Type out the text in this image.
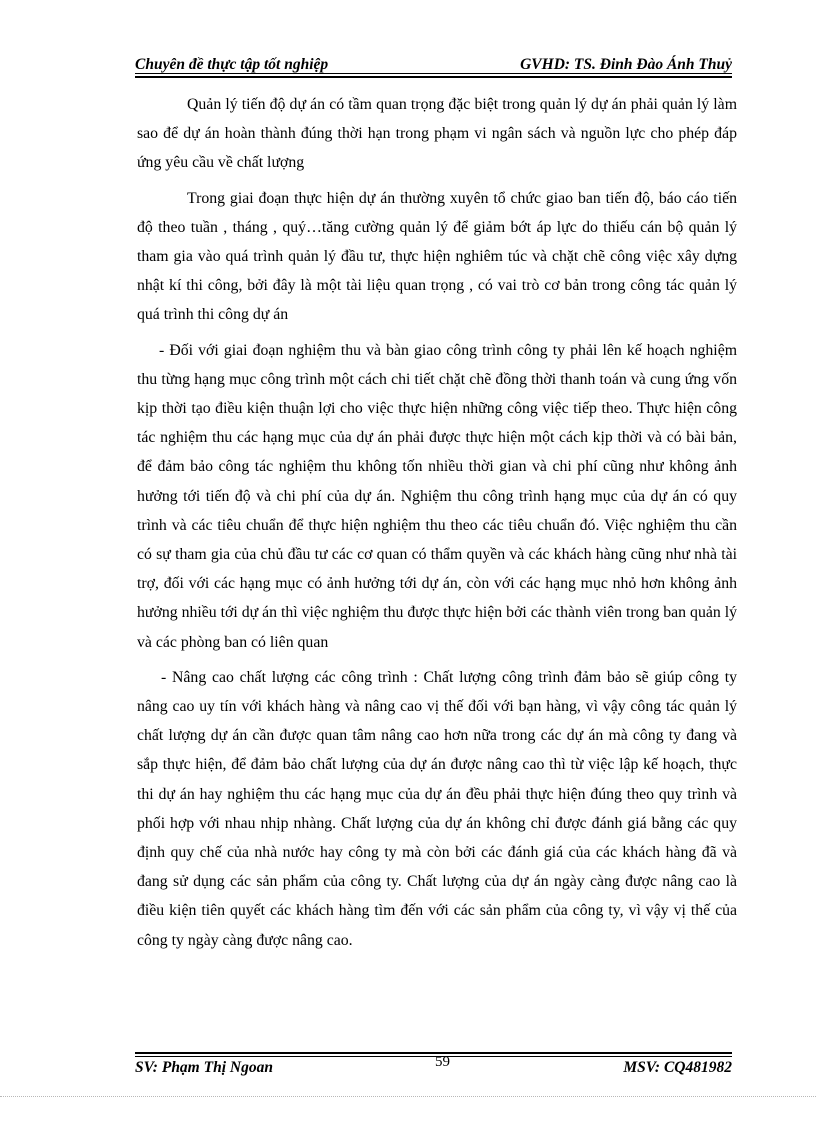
Chuyên đề thực tập tốt nghiệp	GVHD: TS. Đinh Đào Ánh Thuỷ

Quản lý tiến độ dự án có tầm quan trọng đặc biệt trong quản lý dự án phải quản lý làm sao để dự án hoàn thành đúng thời hạn trong phạm vi ngân sách và nguồn lực cho phép đáp ứng yêu cầu về chất lượng

Trong giai đoạn thực hiện dự án thường xuyên tổ chức giao ban tiến độ, báo cáo tiến độ theo tuần , tháng , quý…tăng cường quản lý để giảm bớt áp lực do thiếu cán bộ quản lý tham gia vào quá trình quản lý đầu tư, thực hiện nghiêm túc và chặt chẽ công việc xây dựng nhật kí thi công, bởi đây là một tài liệu quan trọng , có vai trò cơ bản trong công tác quản lý quá trình thi công dự án

- Đối với giai đoạn nghiệm thu và bàn giao công trình công ty phải lên kế hoạch nghiệm thu từng hạng mục công trình một cách chi tiết chặt chẽ đồng thời thanh toán và cung ứng vốn kịp thời tạo điều kiện thuận lợi cho việc thực hiện những công việc tiếp theo. Thực hiện công tác nghiệm thu các hạng mục của dự án phải được thực hiện một cách kịp thời và có bài bản, để đảm bảo công tác nghiệm thu không tốn nhiều thời gian và chi phí cũng như không ảnh hưởng tới tiến độ và chi phí của dự án. Nghiệm thu công trình hạng mục của dự án có quy trình và các tiêu chuẩn để thực hiện nghiệm thu theo các tiêu chuẩn đó. Việc nghiệm thu cần có sự tham gia của chủ đầu tư các cơ quan có thẩm quyền và các khách hàng cũng như nhà tài trợ, đối với các hạng mục có ảnh hưởng tới dự án, còn với các hạng mục nhỏ hơn không ảnh hưởng nhiều tới dự án thì việc nghiệm thu được thực hiện bởi các thành viên trong ban quản lý và các phòng ban có liên quan

- Nâng cao chất lượng các công trình : Chất lượng công trình đảm bảo sẽ giúp công ty nâng cao uy tín với khách hàng và nâng cao vị thế đối với bạn hàng, vì vậy công tác quản lý chất lượng dự án cần được quan tâm nâng cao hơn nữa trong các dự án mà công ty đang và sắp thực hiện, để đảm bảo chất lượng của dự án được nâng cao thì từ việc lập kế hoạch, thực thi dự án hay nghiệm thu các hạng mục của dự án đều phải thực hiện đúng theo quy trình và phối hợp với nhau nhịp nhàng. Chất lượng của dự án không chỉ được đánh giá bằng các quy định quy chế của nhà nước hay công ty mà còn bởi các đánh giá của các khách hàng đã và đang sử dụng các sản phẩm của công ty. Chất lượng của dự án ngày càng được nâng cao là điều kiện tiên quyết các khách hàng tìm đến với các sản phẩm của công ty, vì vậy vị thế của công ty ngày càng được nâng cao.

SV: Phạm Thị Ngoan	59	MSV: CQ481982
